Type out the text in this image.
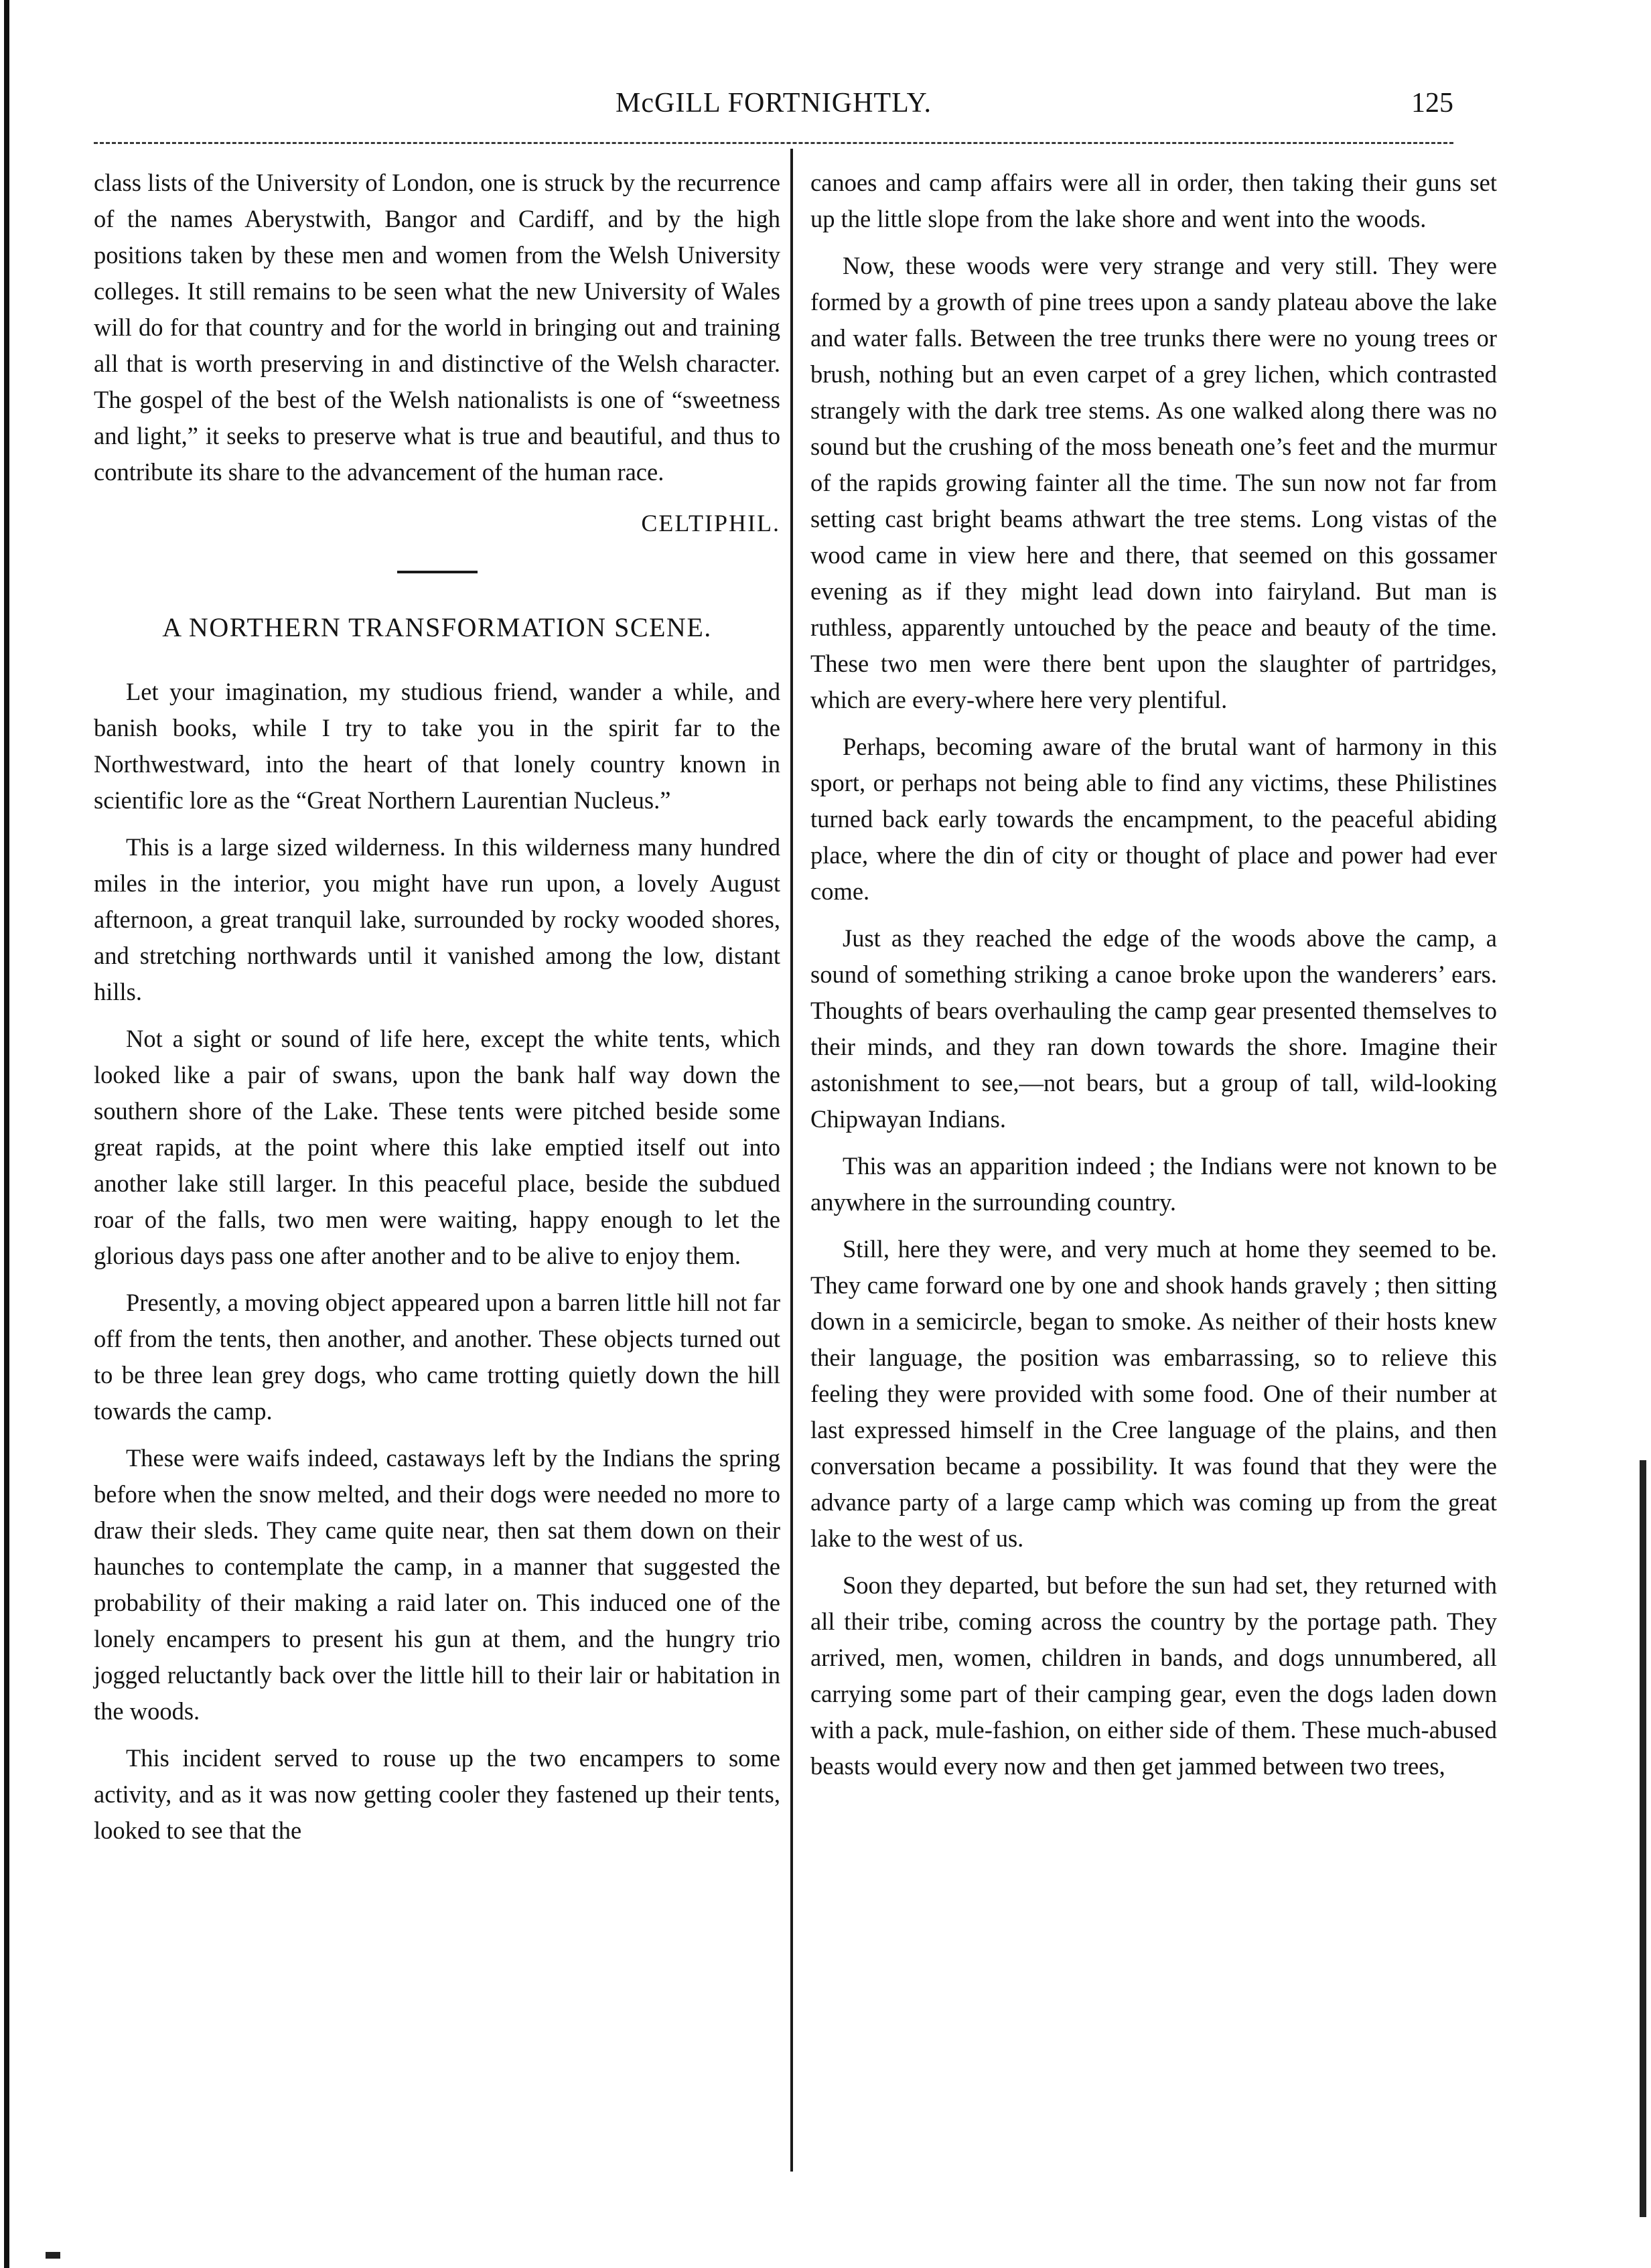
McGILL FORTNIGHTLY.	125

class lists of the University of London, one is struck by the recurrence of the names Aberystwith, Bangor and Cardiff, and by the high positions taken by these men and women from the Welsh University colleges. It still remains to be seen what the new University of Wales will do for that country and for the world in bringing out and training all that is worth preserving in and distinctive of the Welsh character. The gospel of the best of the Welsh nationalists is one of “sweetness and light,” it seeks to preserve what is true and beautiful, and thus to contribute its share to the advancement of the human race.

CELTIPHIL.
A NORTHERN TRANSFORMATION SCENE.

Let your imagination, my studious friend, wander a while, and banish books, while I try to take you in the spirit far to the Northwestward, into the heart of that lonely country known in scientific lore as the “Great Northern Laurentian Nucleus.”

This is a large sized wilderness. In this wilderness many hundred miles in the interior, you might have run upon, a lovely August afternoon, a great tranquil lake, surrounded by rocky wooded shores, and stretching northwards until it vanished among the low, distant hills.

Not a sight or sound of life here, except the white tents, which looked like a pair of swans, upon the bank half way down the southern shore of the Lake. These tents were pitched beside some great rapids, at the point where this lake emptied itself out into another lake still larger. In this peaceful place, beside the subdued roar of the falls, two men were waiting, happy enough to let the glorious days pass one after another and to be alive to enjoy them.

Presently, a moving object appeared upon a barren little hill not far off from the tents, then another, and another. These objects turned out to be three lean grey dogs, who came trotting quietly down the hill towards the camp.

These were waifs indeed, castaways left by the Indians the spring before when the snow melted, and their dogs were needed no more to draw their sleds. They came quite near, then sat them down on their haunches to contemplate the camp, in a manner that suggested the probability of their making a raid later on. This induced one of the lonely encampers to present his gun at them, and the hungry trio jogged reluctantly back over the little hill to their lair or habitation in the woods.

This incident served to rouse up the two encampers to some activity, and as it was now getting cooler they fastened up their tents, looked to see that the

canoes and camp affairs were all in order, then taking their guns set up the little slope from the lake shore and went into the woods.

Now, these woods were very strange and very still. They were formed by a growth of pine trees upon a sandy plateau above the lake and water falls. Between the tree trunks there were no young trees or brush, nothing but an even carpet of a grey lichen, which contrasted strangely with the dark tree stems. As one walked along there was no sound but the crushing of the moss beneath one’s feet and the murmur of the rapids growing fainter all the time. The sun now not far from setting cast bright beams athwart the tree stems. Long vistas of the wood came in view here and there, that seemed on this gossamer evening as if they might lead down into fairyland. But man is ruthless, apparently untouched by the peace and beauty of the time. These two men were there bent upon the slaughter of partridges, which are every-where here very plentiful.

Perhaps, becoming aware of the brutal want of harmony in this sport, or perhaps not being able to find any victims, these Philistines turned back early towards the encampment, to the peaceful abiding place, where the din of city or thought of place and power had ever come.

Just as they reached the edge of the woods above the camp, a sound of something striking a canoe broke upon the wanderers’ ears. Thoughts of bears overhauling the camp gear presented themselves to their minds, and they ran down towards the shore. Imagine their astonishment to see,—not bears, but a group of tall, wild-looking Chipwayan Indians.

This was an apparition indeed ; the Indians were not known to be anywhere in the surrounding country.

Still, here they were, and very much at home they seemed to be. They came forward one by one and shook hands gravely ; then sitting down in a semicircle, began to smoke. As neither of their hosts knew their language, the position was embarrassing, so to relieve this feeling they were provided with some food. One of their number at last expressed himself in the Cree language of the plains, and then conversation became a possibility. It was found that they were the advance party of a large camp which was coming up from the great lake to the west of us.

Soon they departed, but before the sun had set, they returned with all their tribe, coming across the country by the portage path. They arrived, men, women, children in bands, and dogs unnumbered, all carrying some part of their camping gear, even the dogs laden down with a pack, mule-fashion, on either side of them. These much-abused beasts would every now and then get jammed between two trees,
